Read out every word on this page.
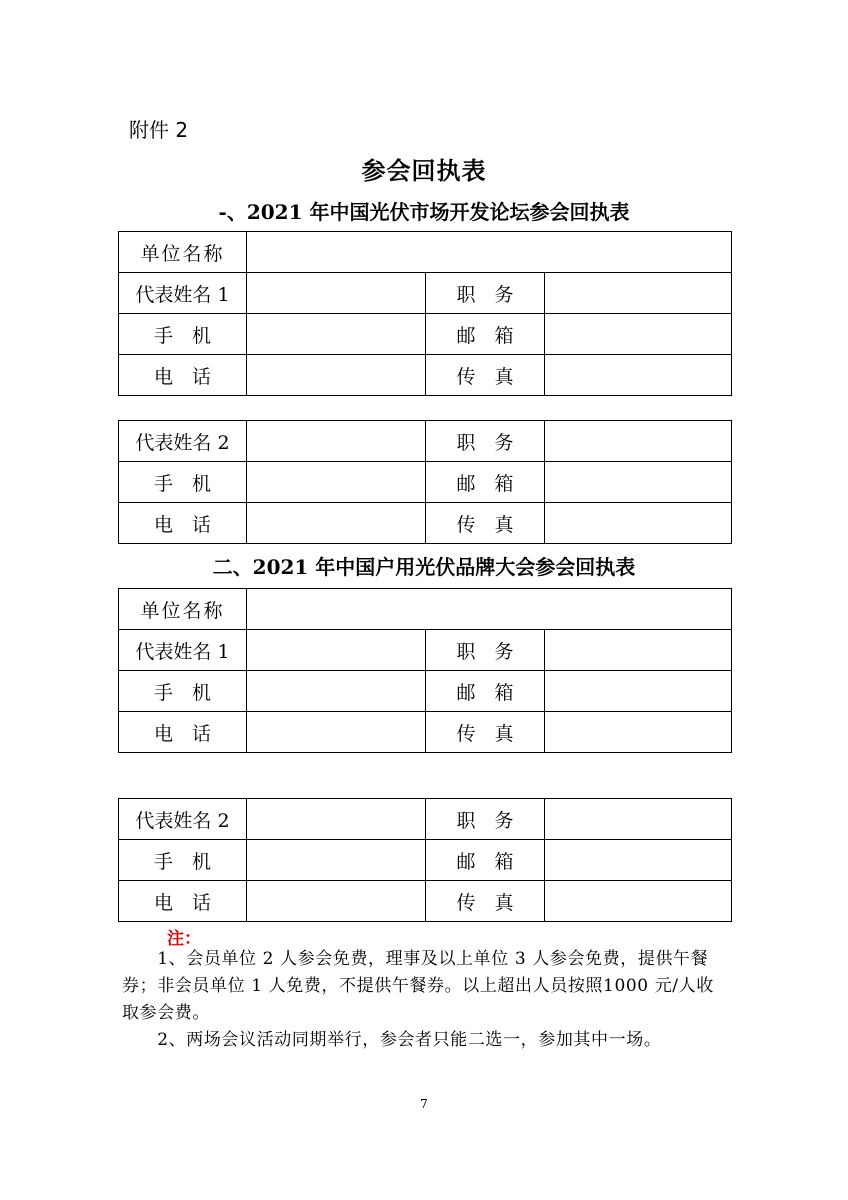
附件 2
参会回执表
-、2021 年中国光伏市场开发论坛参会回执表
单位名称			
代表姓名 1		职　务	
手　机		邮　箱	
电　话		传　真	
代表姓名 2		职　务	
手　机		邮　箱	
电　话		传　真	
二、2021 年中国户用光伏品牌大会参会回执表
单位名称			
代表姓名 1		职　务	
手　机		邮　箱	
电　话		传　真	
代表姓名 2		职　务	
手　机		邮　箱	
电　话		传　真	
注：
　　1、会员单位 2 人参会免费，理事及以上单位 3 人参会免费，提供午餐券；非会员单位 1 人免费，不提供午餐券。以上超出人员按照1000 元/人收取参会费。
　　2、两场会议活动同期举行，参会者只能二选一，参加其中一场。
7
